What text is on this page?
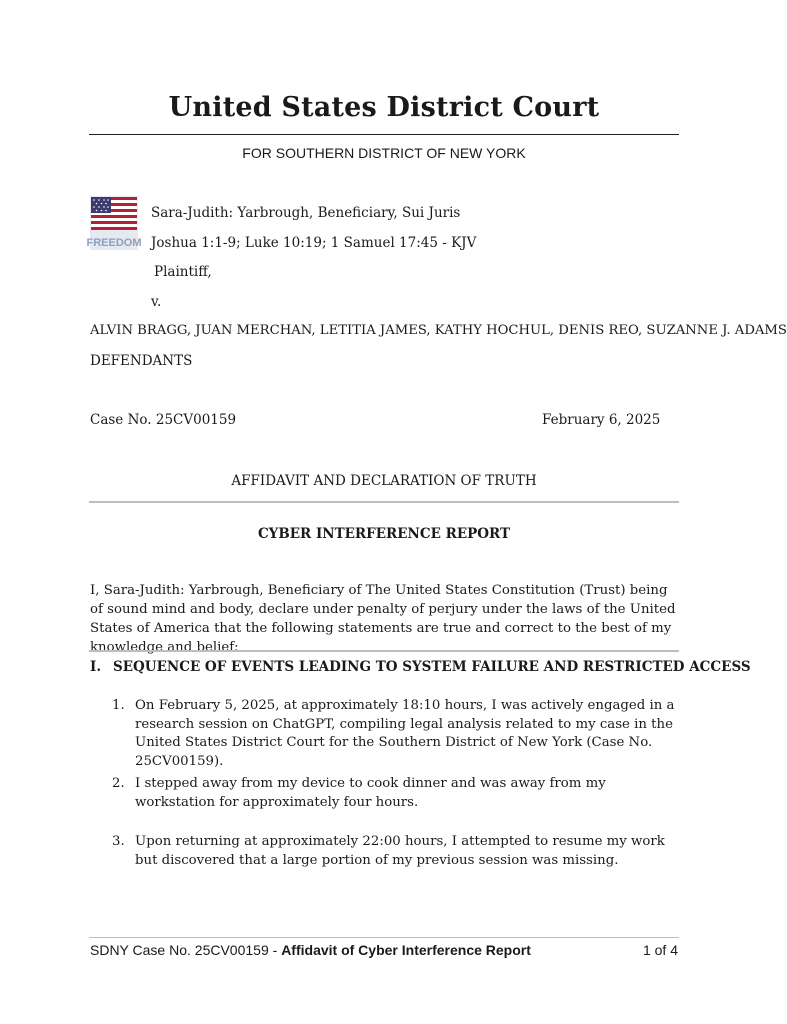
United States District Court
FOR SOUTHERN DISTRICT OF NEW YORK
FREEDOM
Sara-Judith: Yarbrough, Beneficiary, Sui Juris
Joshua 1:1-9; Luke 10:19; 1 Samuel 17:45 - KJV
Plaintiff,
v.
ALVIN BRAGG, JUAN MERCHAN, LETITIA JAMES, KATHY HOCHUL, DENIS REO, SUZANNE J. ADAMS
DEFENDANTS
Case No. 25CV00159	February 6, 2025
AFFIDAVIT AND DECLARATION OF TRUTH
CYBER INTERFERENCE REPORT
I, Sara-Judith: Yarbrough, Beneficiary of The United States Constitution (Trust) being of sound mind and body, declare under penalty of perjury under the laws of the United States of America that the following statements are true and correct to the best of my knowledge and belief:
I. SEQUENCE OF EVENTS LEADING TO SYSTEM FAILURE AND RESTRICTED ACCESS
1. On February 5, 2025, at approximately 18:10 hours, I was actively engaged in a research session on ChatGPT, compiling legal analysis related to my case in the United States District Court for the Southern District of New York (Case No. 25CV00159).
2. I stepped away from my device to cook dinner and was away from my workstation for approximately four hours.
3. Upon returning at approximately 22:00 hours, I attempted to resume my work but discovered that a large portion of my previous session was missing.
SDNY Case No. 25CV00159 - Affidavit of Cyber Interference Report	1 of 4
